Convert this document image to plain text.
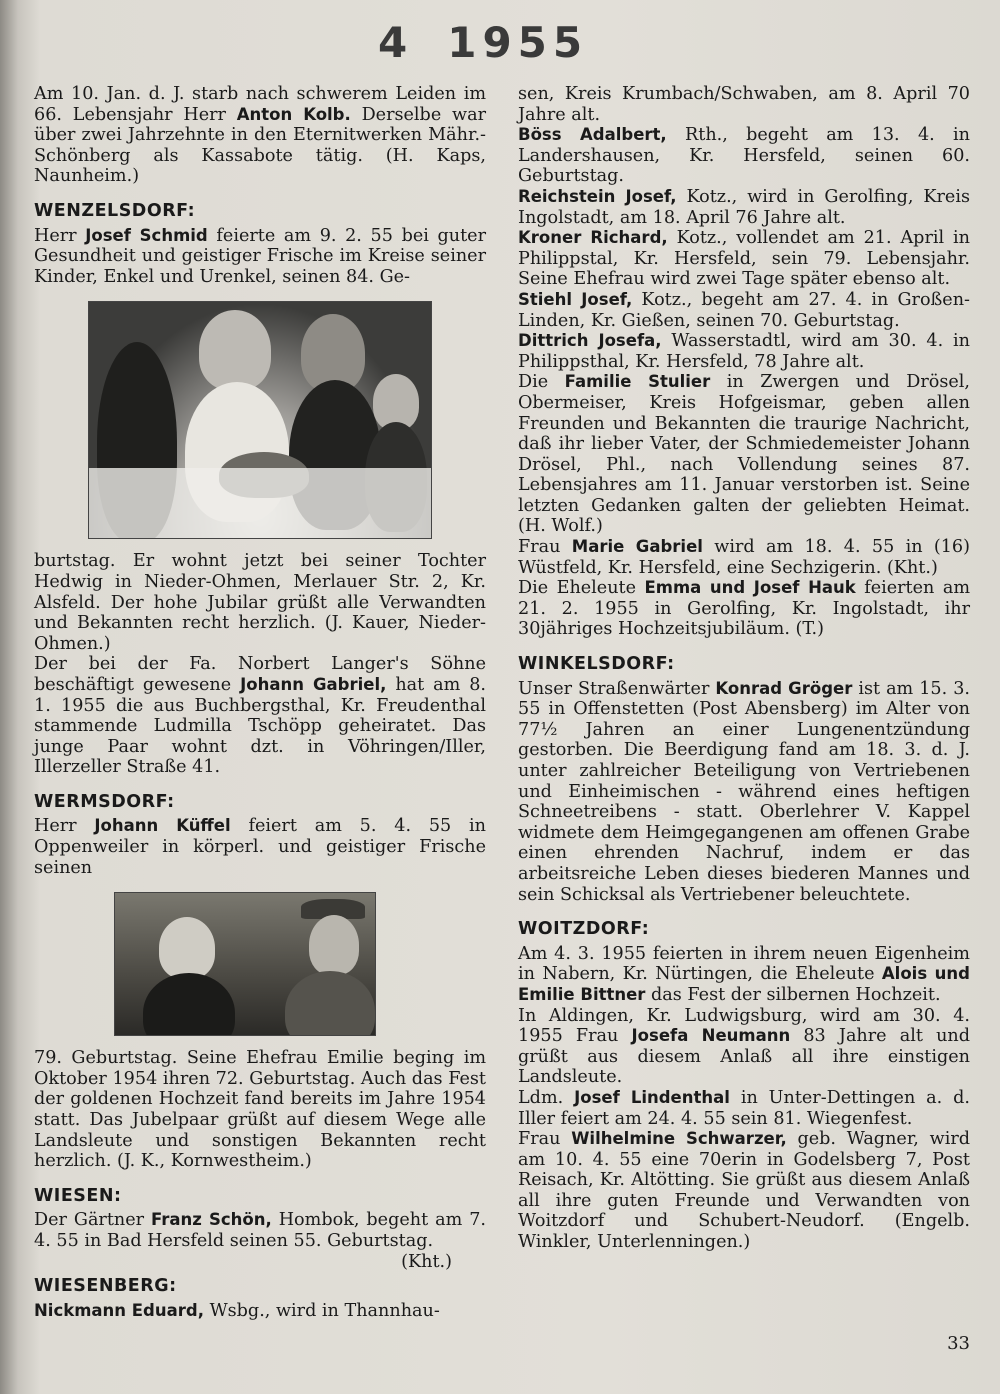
4 1955

Am 10. Jan. d. J. starb nach schwerem Leiden im 66. Lebensjahr Herr Anton Kolb. Derselbe war über zwei Jahrzehnte in den Eternitwerken Mähr.-Schönberg als Kassabote tätig. (H. Kaps, Naunheim.)

WENZELSDORF:

Herr Josef Schmid feierte am 9. 2. 55 bei guter Gesundheit und geistiger Frische im Kreise seiner Kinder, Enkel und Urenkel, seinen 84. Ge-

burtstag. Er wohnt jetzt bei seiner Tochter Hedwig in Nieder-Ohmen, Merlauer Str. 2, Kr. Alsfeld. Der hohe Jubilar grüßt alle Verwandten und Bekannten recht herzlich. (J. Kauer, Nieder-Ohmen.)

Der bei der Fa. Norbert Langer's Söhne beschäftigt gewesene Johann Gabriel, hat am 8. 1. 1955 die aus Buchbergsthal, Kr. Freudenthal stammende Ludmilla Tschöpp geheiratet. Das junge Paar wohnt dzt. in Vöhringen/Iller, Illerzeller Straße 41.

WERMSDORF:

Herr Johann Küffel feiert am 5. 4. 55 in Oppenweiler in körperl. und geistiger Frische seinen

79. Geburtstag. Seine Ehefrau Emilie beging im Oktober 1954 ihren 72. Geburtstag. Auch das Fest der goldenen Hochzeit fand bereits im Jahre 1954 statt. Das Jubelpaar grüßt auf diesem Wege alle Landsleute und sonstigen Bekannten recht herzlich. (J. K., Kornwestheim.)

WIESEN:

Der Gärtner Franz Schön, Hombok, begeht am 7. 4. 55 in Bad Hersfeld seinen 55. Geburtstag.

(Kht.)

WIESENBERG:

Nickmann Eduard, Wsbg., wird in Thannhau-

sen, Kreis Krumbach/Schwaben, am 8. April 70 Jahre alt.

Böss Adalbert, Rth., begeht am 13. 4. in Landershausen, Kr. Hersfeld, seinen 60. Geburtstag.

Reichstein Josef, Kotz., wird in Gerolfing, Kreis Ingolstadt, am 18. April 76 Jahre alt.

Kroner Richard, Kotz., vollendet am 21. April in Philippstal, Kr. Hersfeld, sein 79. Lebensjahr. Seine Ehefrau wird zwei Tage später ebenso alt.

Stiehl Josef, Kotz., begeht am 27. 4. in Großen-Linden, Kr. Gießen, seinen 70. Geburtstag.

Dittrich Josefa, Wasserstadtl, wird am 30. 4. in Philippsthal, Kr. Hersfeld, 78 Jahre alt.

Die Familie Stulier in Zwergen und Drösel, Obermeiser, Kreis Hofgeismar, geben allen Freunden und Bekannten die traurige Nachricht, daß ihr lieber Vater, der Schmiedemeister Johann Drösel, Phl., nach Vollendung seines 87. Lebensjahres am 11. Januar verstorben ist. Seine letzten Gedanken galten der geliebten Heimat. (H. Wolf.)

Frau Marie Gabriel wird am 18. 4. 55 in (16) Wüstfeld, Kr. Hersfeld, eine Sechzigerin. (Kht.)

Die Eheleute Emma und Josef Hauk feierten am 21. 2. 1955 in Gerolfing, Kr. Ingolstadt, ihr 30jähriges Hochzeitsjubiläum. (T.)

WINKELSDORF:

Unser Straßenwärter Konrad Gröger ist am 15. 3. 55 in Offenstetten (Post Abensberg) im Alter von 77½ Jahren an einer Lungenentzündung gestorben. Die Beerdigung fand am 18. 3. d. J. unter zahlreicher Beteiligung von Vertriebenen und Einheimischen - während eines heftigen Schneetreibens - statt. Oberlehrer V. Kappel widmete dem Heimgegangenen am offenen Grabe einen ehrenden Nachruf, indem er das arbeitsreiche Leben dieses biederen Mannes und sein Schicksal als Vertriebener beleuchtete.

WOITZDORF:

Am 4. 3. 1955 feierten in ihrem neuen Eigenheim in Nabern, Kr. Nürtingen, die Eheleute Alois und Emilie Bittner das Fest der silbernen Hochzeit.

In Aldingen, Kr. Ludwigsburg, wird am 30. 4. 1955 Frau Josefa Neumann 83 Jahre alt und grüßt aus diesem Anlaß all ihre einstigen Landsleute.

Ldm. Josef Lindenthal in Unter-Dettingen a. d. Iller feiert am 24. 4. 55 sein 81. Wiegenfest.

Frau Wilhelmine Schwarzer, geb. Wagner, wird am 10. 4. 55 eine 70erin in Godelsberg 7, Post Reisach, Kr. Altötting. Sie grüßt aus diesem Anlaß all ihre guten Freunde und Verwandten von Woitzdorf und Schubert-Neudorf. (Engelb. Winkler, Unterlenningen.)

33
